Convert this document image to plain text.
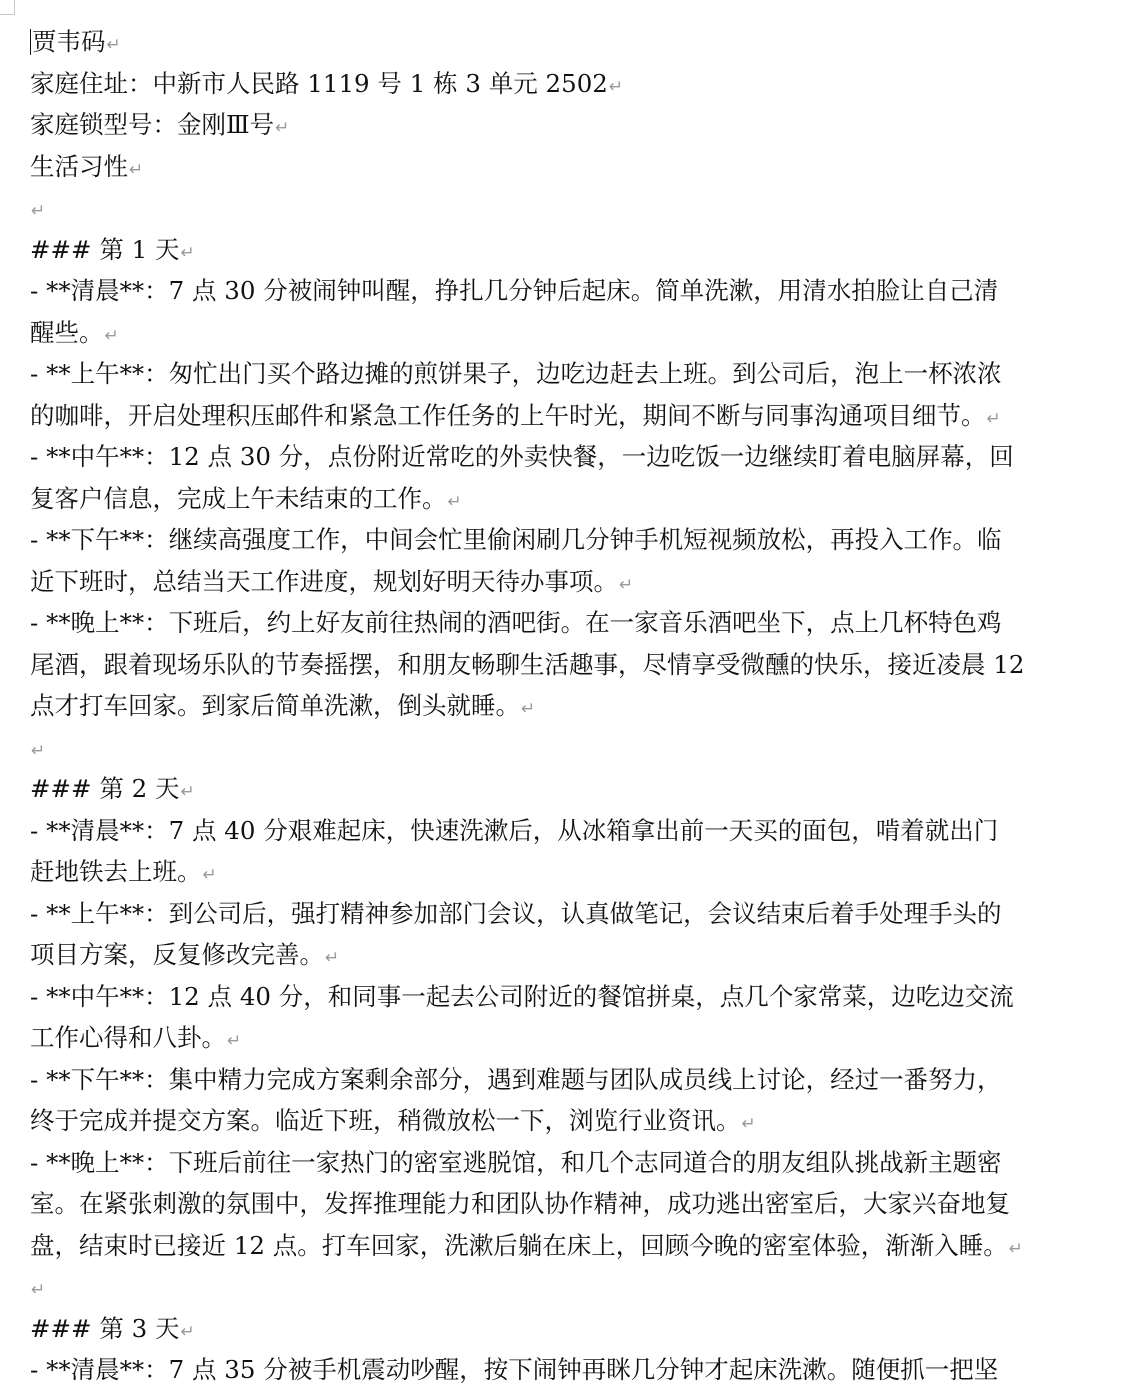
贾韦码↵
家庭住址：中新市人民路 1119 号 1 栋 3 单元 2502↵
家庭锁型号：金刚Ⅲ号↵
生活习性↵
↵
### 第 1 天↵
- **清晨**：7 点 30 分被闹钟叫醒，挣扎几分钟后起床。简单洗漱，用清水拍脸让自己清
醒些。↵
- **上午**：匆忙出门买个路边摊的煎饼果子，边吃边赶去上班。到公司后，泡上一杯浓浓
的咖啡，开启处理积压邮件和紧急工作任务的上午时光，期间不断与同事沟通项目细节。↵
- **中午**：12 点 30 分，点份附近常吃的外卖快餐，一边吃饭一边继续盯着电脑屏幕，回
复客户信息，完成上午未结束的工作。↵
- **下午**：继续高强度工作，中间会忙里偷闲刷几分钟手机短视频放松，再投入工作。临
近下班时，总结当天工作进度，规划好明天待办事项。↵
- **晚上**：下班后，约上好友前往热闹的酒吧街。在一家音乐酒吧坐下，点上几杯特色鸡
尾酒，跟着现场乐队的节奏摇摆，和朋友畅聊生活趣事，尽情享受微醺的快乐，接近凌晨 12
点才打车回家。到家后简单洗漱，倒头就睡。↵
↵
### 第 2 天↵
- **清晨**：7 点 40 分艰难起床，快速洗漱后，从冰箱拿出前一天买的面包，啃着就出门
赶地铁去上班。↵
- **上午**：到公司后，强打精神参加部门会议，认真做笔记，会议结束后着手处理手头的
项目方案，反复修改完善。↵
- **中午**：12 点 40 分，和同事一起去公司附近的餐馆拼桌，点几个家常菜，边吃边交流
工作心得和八卦。↵
- **下午**：集中精力完成方案剩余部分，遇到难题与团队成员线上讨论，经过一番努力，
终于完成并提交方案。临近下班，稍微放松一下，浏览行业资讯。↵
- **晚上**：下班后前往一家热门的密室逃脱馆，和几个志同道合的朋友组队挑战新主题密
室。在紧张刺激的氛围中，发挥推理能力和团队协作精神，成功逃出密室后，大家兴奋地复
盘，结束时已接近 12 点。打车回家，洗漱后躺在床上，回顾今晚的密室体验，渐渐入睡。↵
↵
### 第 3 天↵
- **清晨**：7 点 35 分被手机震动吵醒，按下闹钟再眯几分钟才起床洗漱。随便抓一把坚
